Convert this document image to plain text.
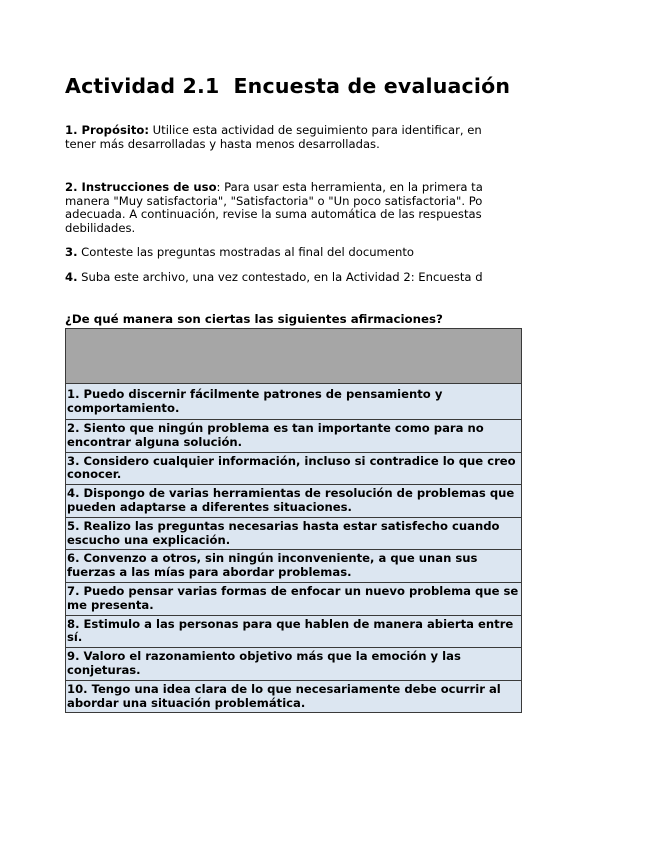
Actividad 2.1 Encuesta de evaluación
1. Propósito: Utilice esta actividad de seguimiento para identificar, en
tener más desarrolladas y hasta menos desarrolladas.
2. Instrucciones de uso: Para usar esta herramienta, en la primera ta
manera "Muy satisfactoria", "Satisfactoria" o "Un poco satisfactoria". Po
adecuada. A continuación, revise la suma automática de las respuestas
debilidades.
3. Conteste las preguntas mostradas al final del documento
4. Suba este archivo, una vez contestado, en la Actividad 2: Encuesta d
¿De qué manera son ciertas las siguientes afirmaciones?

1. Puedo discernir fácilmente patrones de pensamiento y comportamiento.
2. Siento que ningún problema es tan importante como para no encontrar alguna solución.
3. Considero cualquier información, incluso si contradice lo que creo conocer.
4. Dispongo de varias herramientas de resolución de problemas que pueden adaptarse a diferentes situaciones.
5. Realizo las preguntas necesarias hasta estar satisfecho cuando escucho una explicación.
6. Convenzo a otros, sin ningún inconveniente, a que unan sus fuerzas a las mías para abordar problemas.
7. Puedo pensar varias formas de enfocar un nuevo problema que se me presenta.
8. Estimulo a las personas para que hablen de manera abierta entre sí.
9. Valoro el razonamiento objetivo más que la emoción y las conjeturas.
10. Tengo una idea clara de lo que necesariamente debe ocurrir al abordar una situación problemática.
